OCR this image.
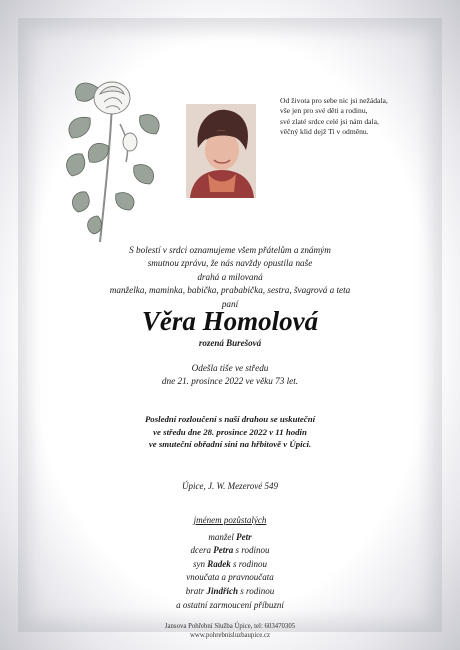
Od života pro sebe nic jsi nežádala,
vše jen pro své děti a rodinu,
své zlaté srdce celé jsi nám dala,
věčný klid dejž Ti v odměnu.
S bolestí v srdci oznamujeme všem přátelům a známým
smutnou zprávu, že nás navždy opustila naše
drahá a milovaná
manželka, maminka, babička, prababička, sestra, švagrová a teta
paní
Věra Homolová
rozená Burešová
Odešla tiše ve středu
dne 21. prosince 2022 ve věku 73 let.
Poslední rozloučení s naší drahou se uskuteční
ve středu dne 28. prosince 2022 v 11 hodin
ve smuteční obřadní síni na hřbitově v Úpici.
Úpice, J. W. Mezerové 549
jménem pozůstalých
manžel Petr
dcera Petra s rodinou
syn Radek s rodinou
vnoučata a pravnoučata
bratr Jindřich s rodinou
a ostatní zarmoucení příbuzní
Jansova Pohřební Služba Úpice, tel: 603470305
www.pohrebnisluzbaupice.cz
